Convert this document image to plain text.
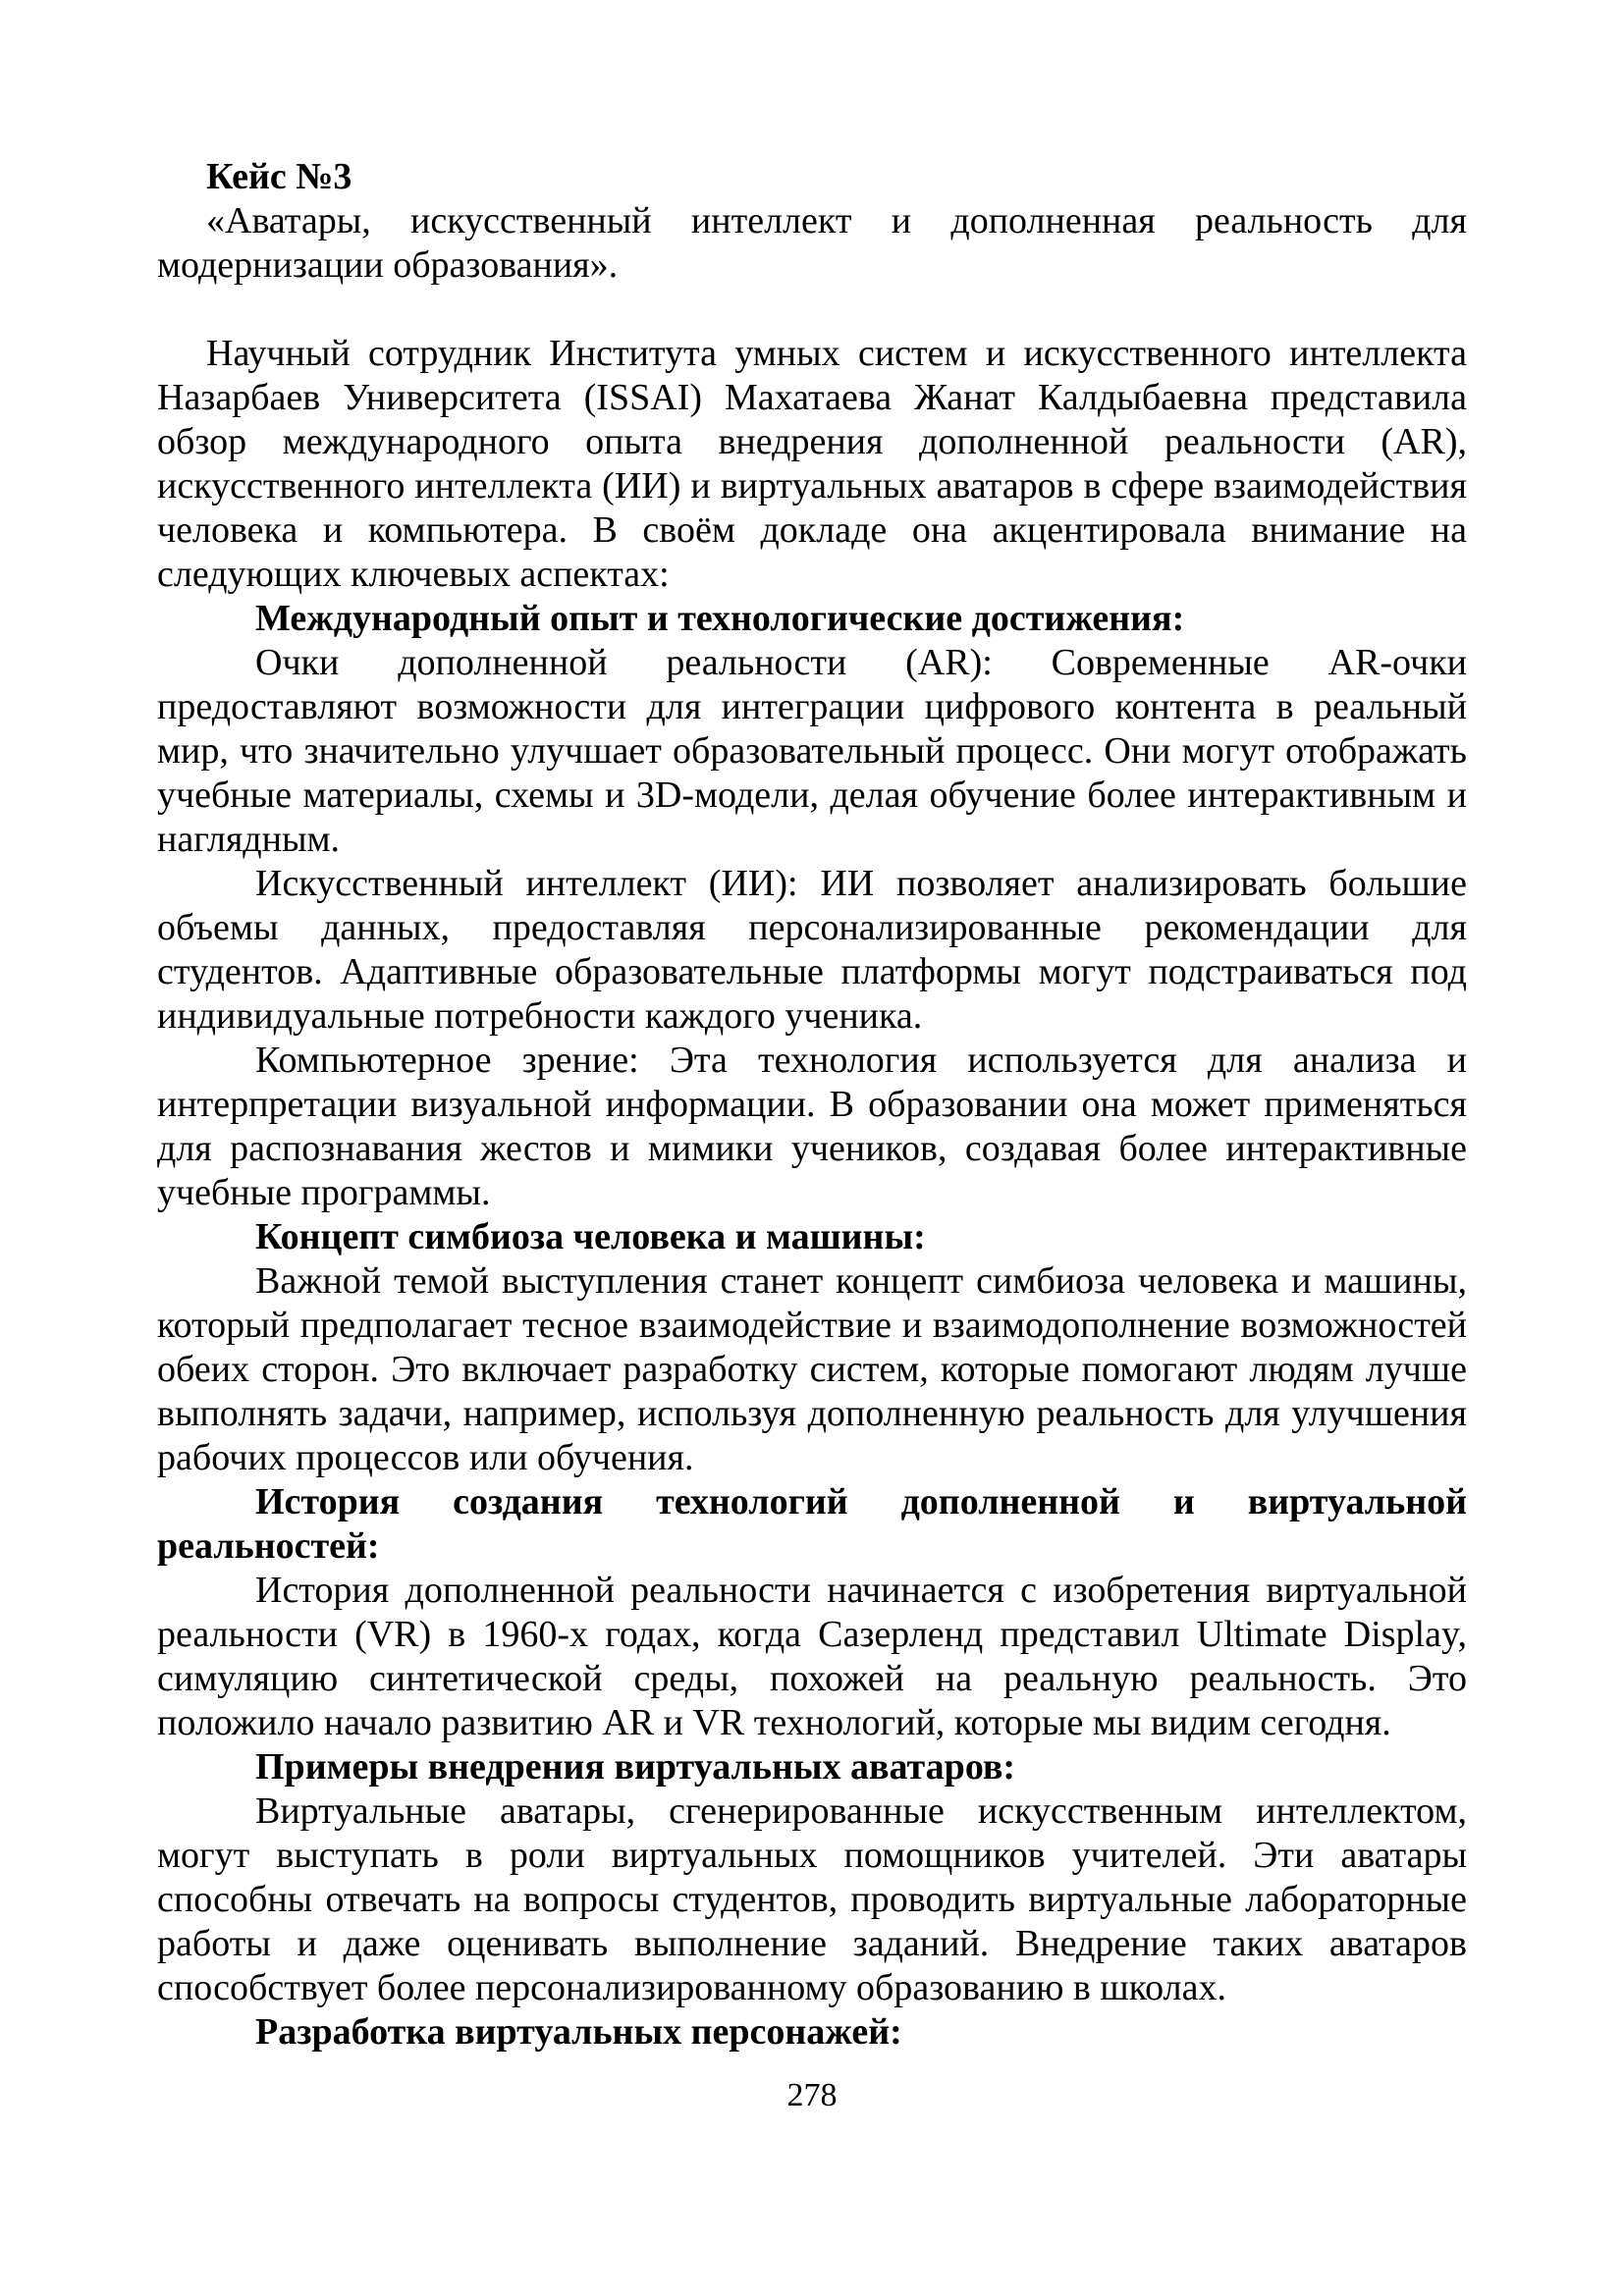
Кейс №3

«Аватары, искусственный интеллект и дополненная реальность для модернизации образования».

Научный сотрудник Института умных систем и искусственного интеллекта Назарбаев Университета (ISSAI) Махатаева Жанат Калдыбаевна представила обзор международного опыта внедрения дополненной реальности (AR), искусственного интеллекта (ИИ) и виртуальных аватаров в сфере взаимодействия человека и компьютера. В своём докладе она акцентировала внимание на следующих ключевых аспектах:

Международный опыт и технологические достижения:

Очки дополненной реальности (AR): Современные AR-очки предоставляют возможности для интеграции цифрового контента в реальный мир, что значительно улучшает образовательный процесс. Они могут отображать учебные материалы, схемы и 3D-модели, делая обучение более интерактивным и наглядным.

Искусственный интеллект (ИИ): ИИ позволяет анализировать большие объемы данных, предоставляя персонализированные рекомендации для студентов. Адаптивные образовательные платформы могут подстраиваться под индивидуальные потребности каждого ученика.

Компьютерное зрение: Эта технология используется для анализа и интерпретации визуальной информации. В образовании она может применяться для распознавания жестов и мимики учеников, создавая более интерактивные учебные программы.

Концепт симбиоза человека и машины:

Важной темой выступления станет концепт симбиоза человека и машины, который предполагает тесное взаимодействие и взаимодополнение возможностей обеих сторон. Это включает разработку систем, которые помогают людям лучше выполнять задачи, например, используя дополненную реальность для улучшения рабочих процессов или обучения.

История создания технологий дополненной и виртуальной реальностей:

История дополненной реальности начинается с изобретения виртуальной реальности (VR) в 1960-х годах, когда Сазерленд представил Ultimate Display, симуляцию синтетической среды, похожей на реальную реальность. Это положило начало развитию AR и VR технологий, которые мы видим сегодня.

Примеры внедрения виртуальных аватаров:

Виртуальные аватары, сгенерированные искусственным интеллектом, могут выступать в роли виртуальных помощников учителей. Эти аватары способны отвечать на вопросы студентов, проводить виртуальные лабораторные работы и даже оценивать выполнение заданий. Внедрение таких аватаров способствует более персонализированному образованию в школах.

Разработка виртуальных персонажей:

278
